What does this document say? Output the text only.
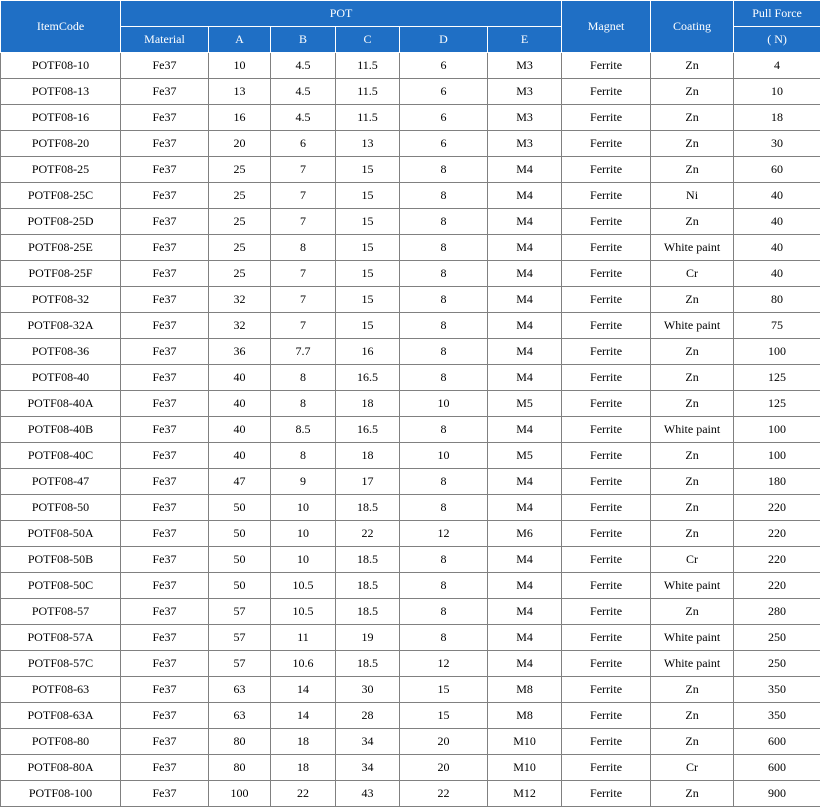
ItemCode	POT						Magnet	Coating	Pull Force
	Material	A	B	C	D	E			( N)
POTF08-10	Fe37	10	4.5	11.5	6	M3	Ferrite	Zn	4
POTF08-13	Fe37	13	4.5	11.5	6	M3	Ferrite	Zn	10
POTF08-16	Fe37	16	4.5	11.5	6	M3	Ferrite	Zn	18
POTF08-20	Fe37	20	6	13	6	M3	Ferrite	Zn	30
POTF08-25	Fe37	25	7	15	8	M4	Ferrite	Zn	60
POTF08-25C	Fe37	25	7	15	8	M4	Ferrite	Ni	40
POTF08-25D	Fe37	25	7	15	8	M4	Ferrite	Zn	40
POTF08-25E	Fe37	25	8	15	8	M4	Ferrite	White paint	40
POTF08-25F	Fe37	25	7	15	8	M4	Ferrite	Cr	40
POTF08-32	Fe37	32	7	15	8	M4	Ferrite	Zn	80
POTF08-32A	Fe37	32	7	15	8	M4	Ferrite	White paint	75
POTF08-36	Fe37	36	7.7	16	8	M4	Ferrite	Zn	100
POTF08-40	Fe37	40	8	16.5	8	M4	Ferrite	Zn	125
POTF08-40A	Fe37	40	8	18	10	M5	Ferrite	Zn	125
POTF08-40B	Fe37	40	8.5	16.5	8	M4	Ferrite	White paint	100
POTF08-40C	Fe37	40	8	18	10	M5	Ferrite	Zn	100
POTF08-47	Fe37	47	9	17	8	M4	Ferrite	Zn	180
POTF08-50	Fe37	50	10	18.5	8	M4	Ferrite	Zn	220
POTF08-50A	Fe37	50	10	22	12	M6	Ferrite	Zn	220
POTF08-50B	Fe37	50	10	18.5	8	M4	Ferrite	Cr	220
POTF08-50C	Fe37	50	10.5	18.5	8	M4	Ferrite	White paint	220
POTF08-57	Fe37	57	10.5	18.5	8	M4	Ferrite	Zn	280
POTF08-57A	Fe37	57	11	19	8	M4	Ferrite	White paint	250
POTF08-57C	Fe37	57	10.6	18.5	12	M4	Ferrite	White paint	250
POTF08-63	Fe37	63	14	30	15	M8	Ferrite	Zn	350
POTF08-63A	Fe37	63	14	28	15	M8	Ferrite	Zn	350
POTF08-80	Fe37	80	18	34	20	M10	Ferrite	Zn	600
POTF08-80A	Fe37	80	18	34	20	M10	Ferrite	Cr	600
POTF08-100	Fe37	100	22	43	22	M12	Ferrite	Zn	900
